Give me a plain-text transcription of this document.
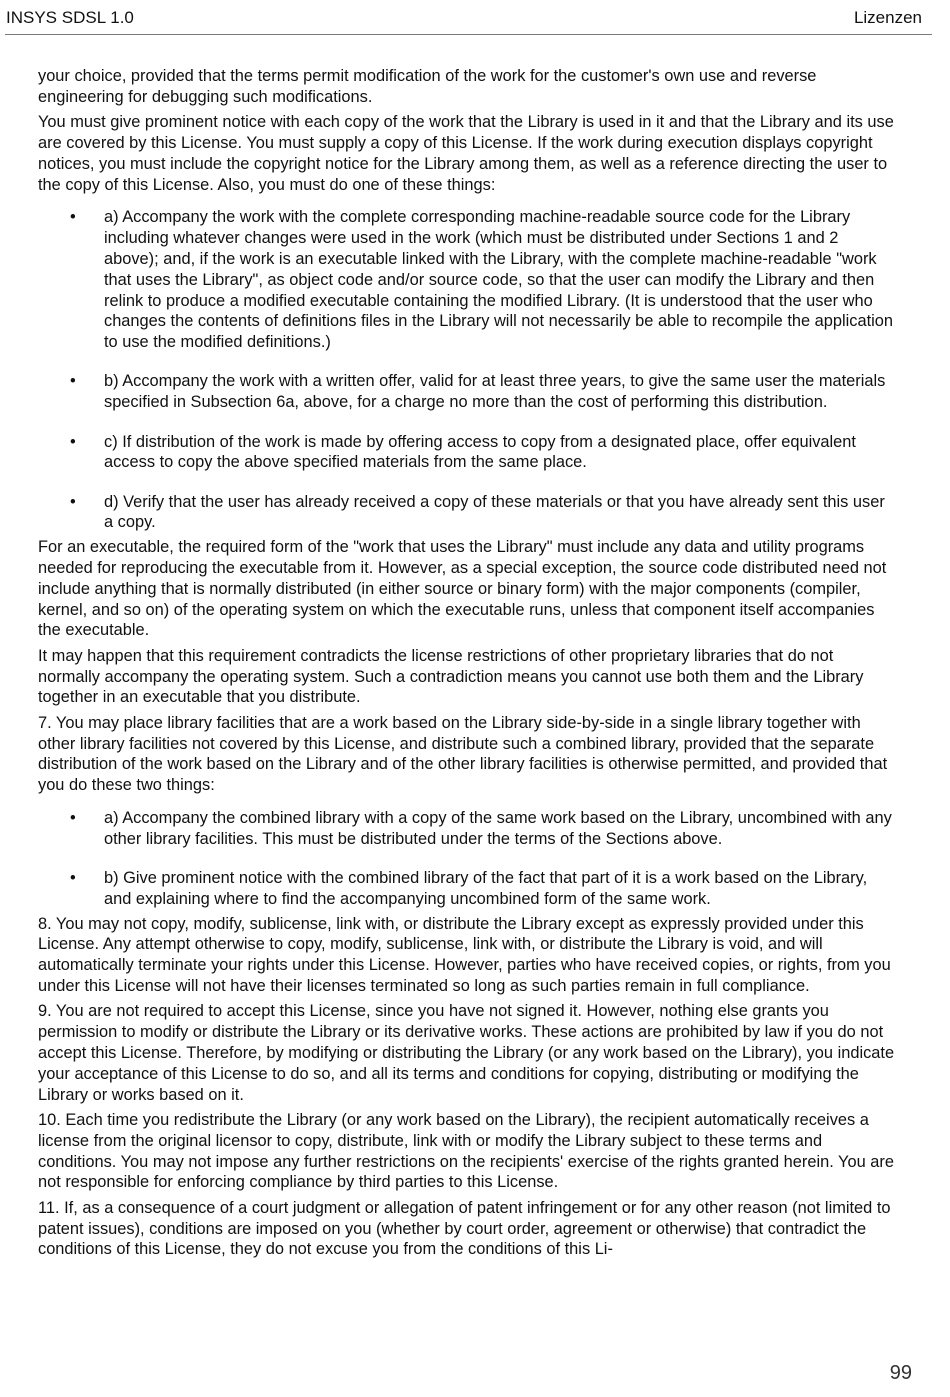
INSYS SDSL 1.0	Lizenzen

your choice, provided that the terms permit modification of the work for the customer's own use and reverse engineering for debugging such modifications.

You must give prominent notice with each copy of the work that the Library is used in it and that the Library and its use are covered by this License. You must supply a copy of this License. If the work during execution displays copyright notices, you must include the copyright notice for the Library among them, as well as a reference directing the user to the copy of this License. Also, you must do one of these things:

• a) Accompany the work with the complete corresponding machine-readable source code for the Library including whatever changes were used in the work (which must be distributed under Sections 1 and 2 above); and, if the work is an executable linked with the Library, with the complete machine-readable "work that uses the Library", as object code and/or source code, so that the user can modify the Library and then relink to produce a modified executable containing the modified Library. (It is understood that the user who changes the contents of definitions files in the Library will not necessarily be able to recompile the application to use the modified definitions.)
• b) Accompany the work with a written offer, valid for at least three years, to give the same user the materials specified in Subsection 6a, above, for a charge no more than the cost of performing this distribution.
• c) If distribution of the work is made by offering access to copy from a designated place, offer equivalent access to copy the above specified materials from the same place.
• d) Verify that the user has already received a copy of these materials or that you have already sent this user a copy.

For an executable, the required form of the "work that uses the Library" must include any data and utility programs needed for reproducing the executable from it. However, as a special exception, the source code distributed need not include anything that is normally distributed (in either source or binary form) with the major components (compiler, kernel, and so on) of the operating system on which the executable runs, unless that component itself accompanies the executable.

It may happen that this requirement contradicts the license restrictions of other proprietary libraries that do not normally accompany the operating system. Such a contradiction means you cannot use both them and the Library together in an executable that you distribute.

7. You may place library facilities that are a work based on the Library side-by-side in a single library together with other library facilities not covered by this License, and distribute such a combined library, provided that the separate distribution of the work based on the Library and of the other library facilities is otherwise permitted, and provided that you do these two things:

• a) Accompany the combined library with a copy of the same work based on the Library, uncombined with any other library facilities. This must be distributed under the terms of the Sections above.
• b) Give prominent notice with the combined library of the fact that part of it is a work based on the Library, and explaining where to find the accompanying uncombined form of the same work.

8. You may not copy, modify, sublicense, link with, or distribute the Library except as expressly provided under this License. Any attempt otherwise to copy, modify, sublicense, link with, or distribute the Library is void, and will automatically terminate your rights under this License. However, parties who have received copies, or rights, from you under this License will not have their licenses terminated so long as such parties remain in full compliance.

9. You are not required to accept this License, since you have not signed it. However, nothing else grants you permission to modify or distribute the Library or its derivative works. These actions are prohibited by law if you do not accept this License. Therefore, by modifying or distributing the Library (or any work based on the Library), you indicate your acceptance of this License to do so, and all its terms and conditions for copying, distributing or modifying the Library or works based on it.

10. Each time you redistribute the Library (or any work based on the Library), the recipient automatically receives a license from the original licensor to copy, distribute, link with or modify the Library subject to these terms and conditions. You may not impose any further restrictions on the recipients' exercise of the rights granted herein. You are not responsible for enforcing compliance by third parties to this License.

11. If, as a consequence of a court judgment or allegation of patent infringement or for any other reason (not limited to patent issues), conditions are imposed on you (whether by court order, agreement or otherwise) that contradict the conditions of this License, they do not excuse you from the conditions of this Li-

99
